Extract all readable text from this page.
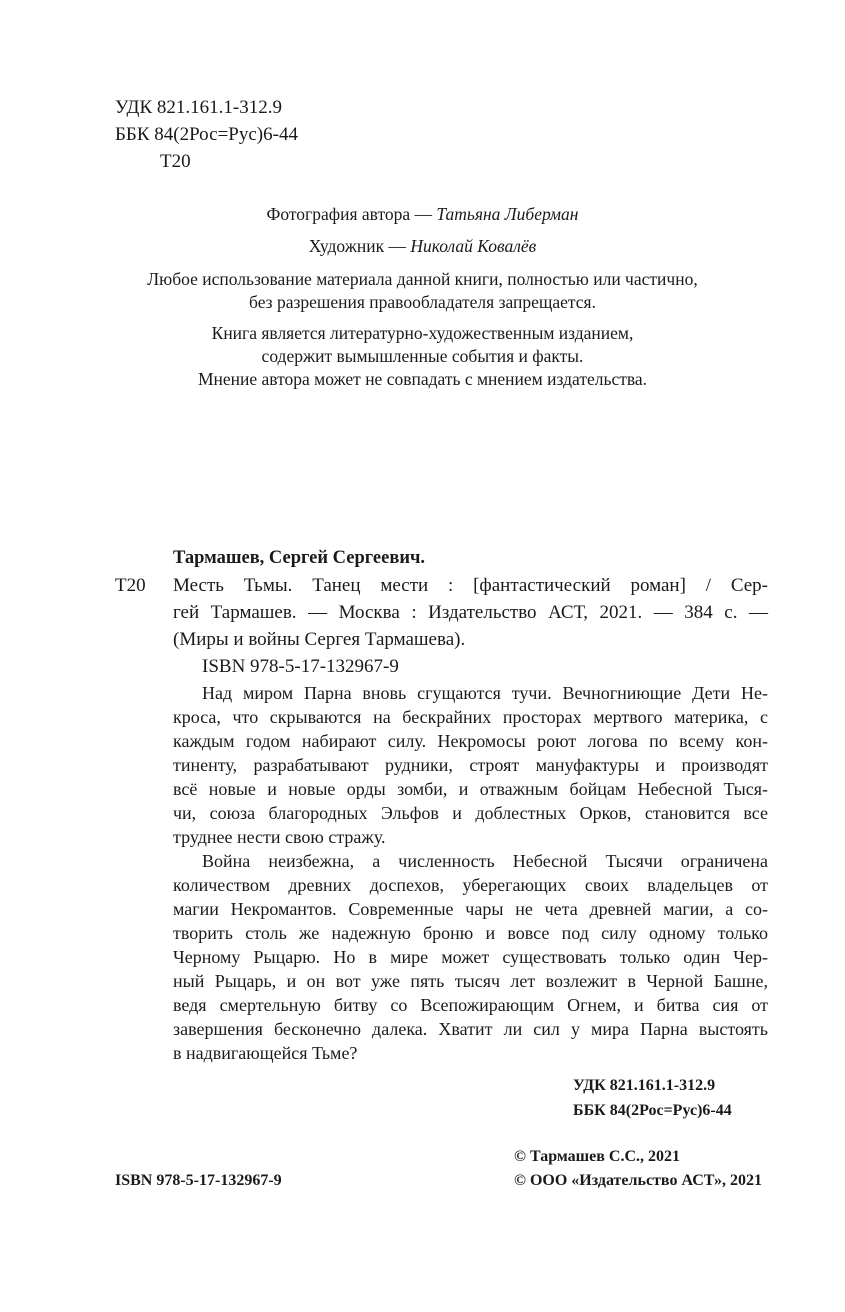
УДК 821.161.1-312.9
ББК 84(2Рос=Рус)6-44
Т20
Фотография автора — Татьяна Либерман
Художник — Николай Ковалёв
Любое использование материала данной книги, полностью или частично,
без разрешения правообладателя запрещается.
Книга является литературно-художественным изданием,
содержит вымышленные события и факты.
Мнение автора может не совпадать с мнением издательства.
Тармашев, Сергей Сергеевич.
Т20 Месть Тьмы. Танец мести : [фантастический роман] / Сер-
гей Тармашев. — Москва : Издательство АСТ, 2021. — 384 с. —
(Миры и войны Сергея Тармашева).
ISBN 978-5-17-132967-9
Над миром Парна вновь сгущаются тучи. Вечногниющие Дети Не-
кроса, что скрываются на бескрайних просторах мертвого материка, с
каждым годом набирают силу. Некромосы роют логова по всему кон-
тиненту, разрабатывают рудники, строят мануфактуры и производят
всё новые и новые орды зомби, и отважным бойцам Небесной Тыся-
чи, союза благородных Эльфов и доблестных Орков, становится все
труднее нести свою стражу.
Война неизбежна, а численность Небесной Тысячи ограничена
количеством древних доспехов, уберегающих своих владельцев от
магии Некромантов. Современные чары не чета древней магии, а со-
творить столь же надежную броню и вовсе под силу одному только
Черному Рыцарю. Но в мире может существовать только один Чер-
ный Рыцарь, и он вот уже пять тысяч лет возлежит в Черной Башне,
ведя смертельную битву со Всепожирающим Огнем, и битва сия от
завершения бесконечно далека. Хватит ли сил у мира Парна выстоять
в надвигающейся Тьме?
УДК 821.161.1-312.9
ББК 84(2Рос=Рус)6-44
© Тармашев С.С., 2021
ISBN 978-5-17-132967-9	© ООО «Издательство АСТ», 2021
